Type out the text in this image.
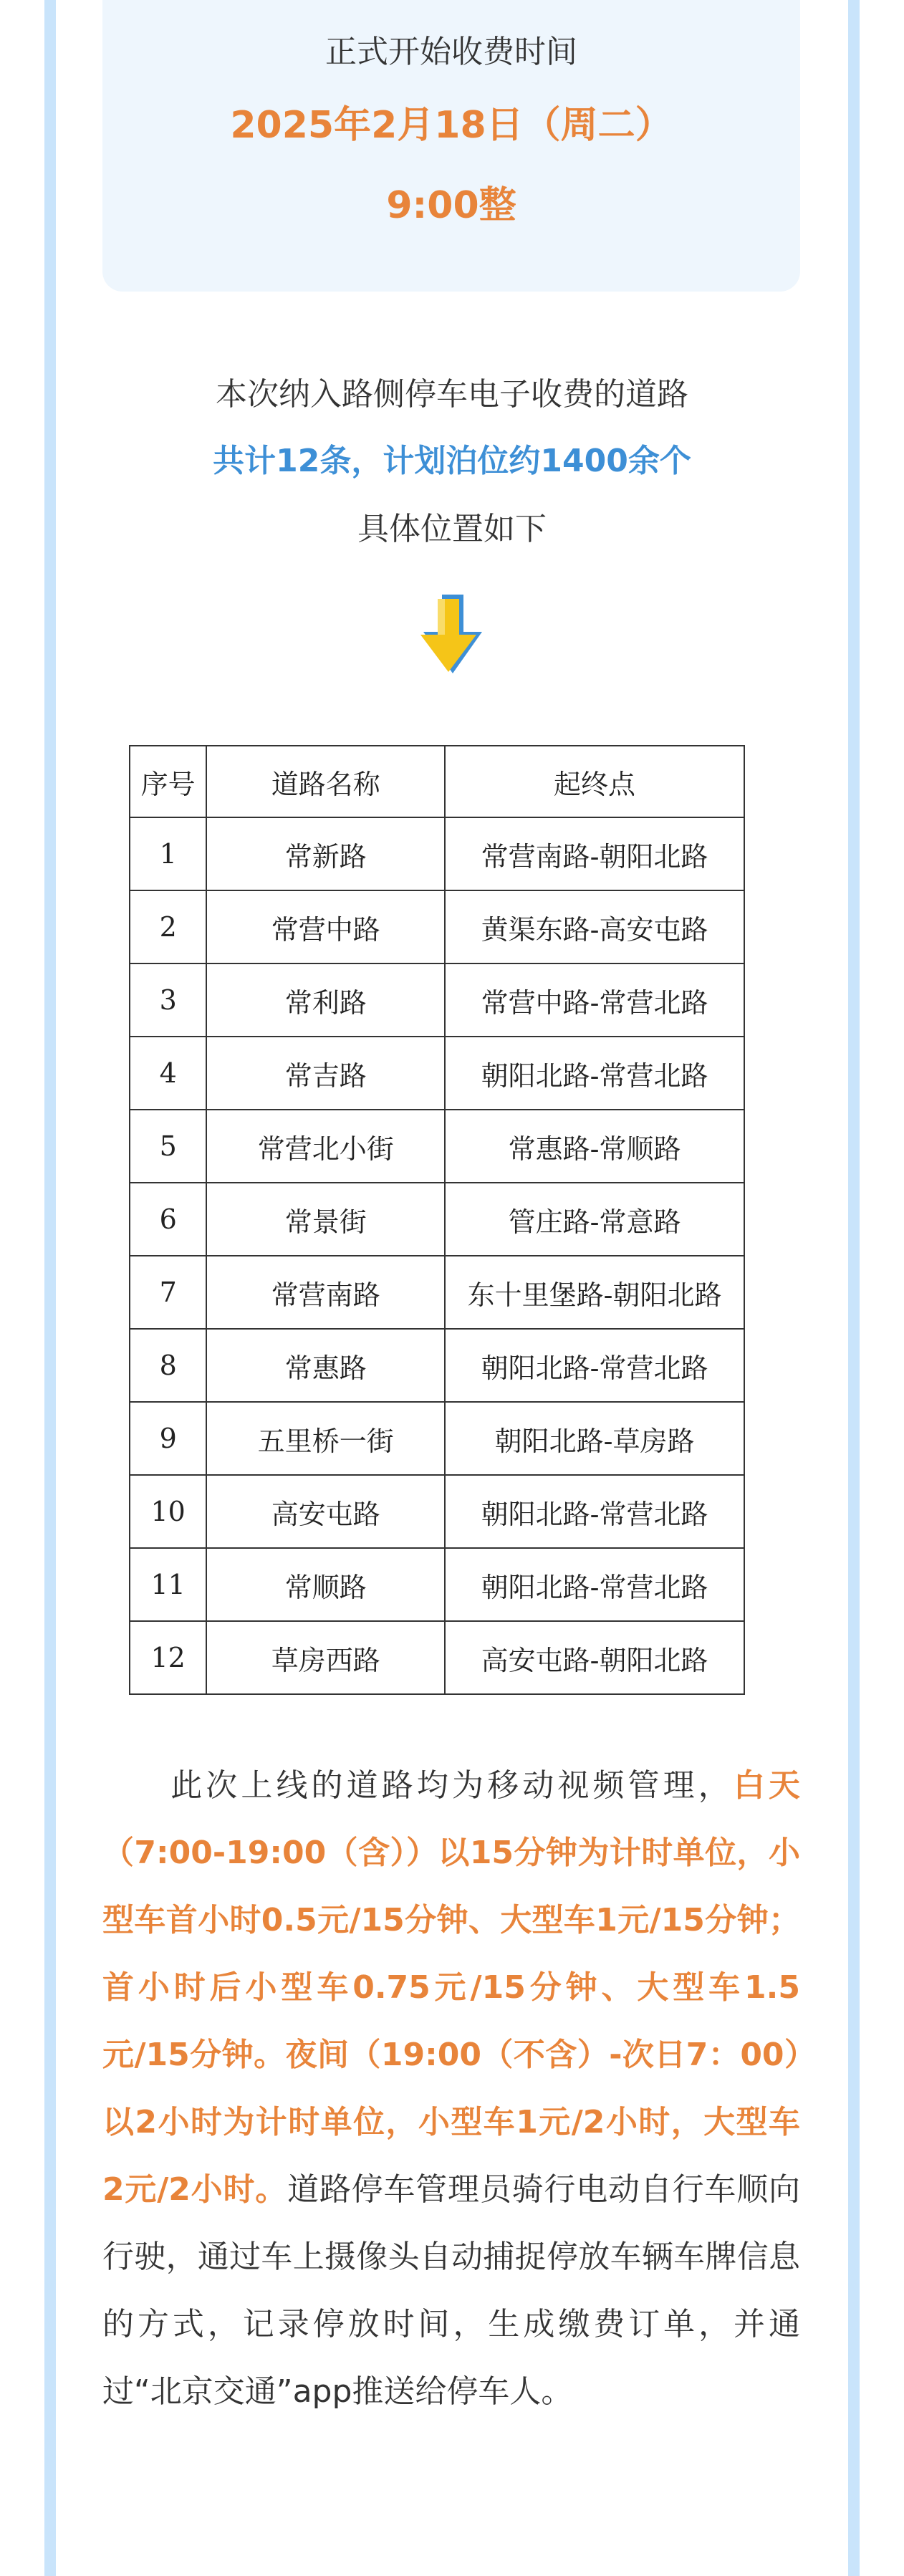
正式开始收费时间
2025年2月18日（周二）
9:00整
本次纳入路侧停车电子收费的道路
共计12条，计划泊位约1400余个
具体位置如下
序号	道路名称	起终点
1	常新路	常营南路-朝阳北路
2	常营中路	黄渠东路-高安屯路
3	常利路	常营中路-常营北路
4	常吉路	朝阳北路-常营北路
5	常营北小街	常惠路-常顺路
6	常景街	管庄路-常意路
7	常营南路	东十里堡路-朝阳北路
8	常惠路	朝阳北路-常营北路
9	五里桥一街	朝阳北路-草房路
10	高安屯路	朝阳北路-常营北路
11	常顺路	朝阳北路-常营北路
12	草房西路	高安屯路-朝阳北路

此次上线的道路均为移动视频管理，白天（7:00-19:00（含））以15分钟为计时单位，小型车首小时0.5元/15分钟、大型车1元/15分钟；首小时后小型车0.75元/15分钟、大型车1.5元/15分钟。夜间（19:00（不含）-次日7：00）以2小时为计时单位，小型车1元/2小时，大型车2元/2小时。道路停车管理员骑行电动自行车顺向行驶，通过车上摄像头自动捕捉停放车辆车牌信息的方式，记录停放时间，生成缴费订单，并通过“北京交通”app推送给停车人。
